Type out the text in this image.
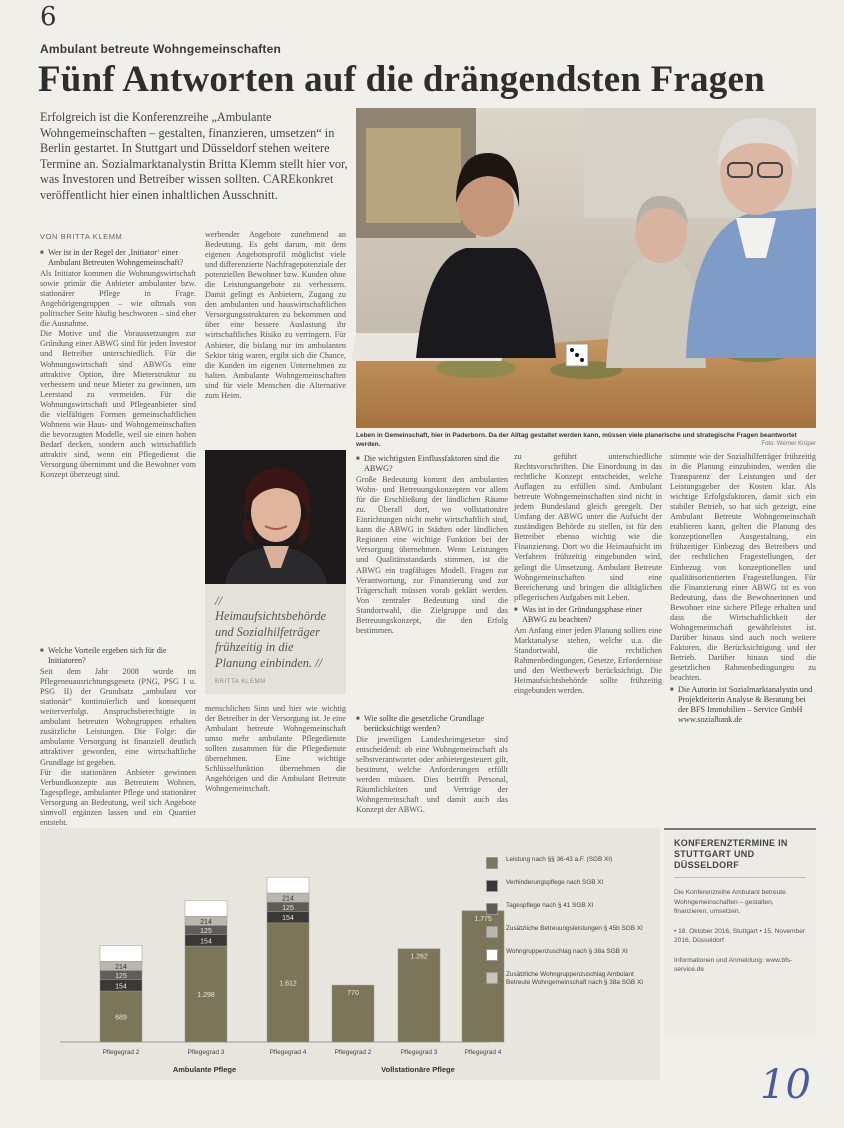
6
Ambulant betreute Wohngemeinschaften
Fünf Antworten auf die drängendsten Fragen

Erfolgreich ist die Konferenzreihe „Ambulante Wohngemeinschaften – gestalten, finanzieren, umsetzen“ in Berlin gestartet. In Stuttgart und Düsseldorf stehen weitere Termine an. Sozialmarktanalystin Britta Klemm stellt hier vor, was Investoren und Betreiber wissen sollten. CAREkonkret veröffentlicht hier einen inhaltlichen Ausschnitt.

VON BRITTA KLEMM
Leben in Gemeinschaft, hier in Paderborn. Da der Alltag gestaltet werden kann, müssen viele planerische und strategische Fragen beantwortet werden.	Foto: Werner Krüper

■ Wer ist in der Regel der ‚Initiator‘ einer Ambulant Betreuten Wohngemeinschaft?

Als Initiator kommen die Wohnungswirtschaft sowie primär die Anbieter ambulanter bzw. stationärer Pflege in Frage. Angehörigengruppen – wie oftmals von politischer Seite häufig beschworen – sind eher die Ausnahme.

Die Motive und die Voraussetzungen zur Gründung einer ABWG sind für jeden Investor und Betreiber unterschiedlich. Für die Wohnungswirtschaft sind ABWGs eine attraktive Option, ihre Mieterstruktur zu verbessern und neue Mieter zu gewinnen, um Leerstand zu vermeiden. Für die Wohnungswirtschaft und Pflegeanbieter sind die vielfältigen Formen gemeinschaftlichen Wohnens wie Haus- und Wohngemeinschaften die bevorzugten Modelle, weil sie einen hohen Bedarf decken, sondern auch wirtschaftlich attraktiv sind, wenn ein Pflegedienst die Versorgung übernimmt und die Bewohner vom Konzept überzeugt sind.

■ Welche Vorteile ergeben sich für die Initiatoren?

Seit dem Jahr 2008 wurde im Pflegeneuausrichtungsgesetz (PNG, PSG I u. PSG II) der Grundsatz „ambulant vor stationär“ kontinuierlich und konsequent weiterverfolgt. Anspruchsberechtigte in ambulant betreuten Wohngruppen erhalten zusätzliche Leistungen. Die Folge: die ambulante Versorgung ist finanziell deutlich attraktiver geworden, eine wirtschaftliche Grundlage ist gegeben.

Für die stationären Anbieter gewinnen Verbundkonzepte aus Betreutem Wohnen, Tagespflege, ambulanter Pflege und stationärer Versorgung an Bedeutung, weil sich Angebote sinnvoll ergänzen lassen und ein Quartier entsteht.

werbender Angebote zunehmend an Bedeutung. Es geht darum, mit dem eigenen Angebotsprofil möglichst viele und differenzierte Nachfragepotenziale der potenziellen Bewohner bzw. Kunden ohne die Leistungsangebote zu verbessern. Damit gelingt es Anbietern, Zugang zu den ambulanten und hauswirtschaftlichen Versorgungsstrukturen zu bekommen und über eine bessere Auslastung ihr wirtschaftliches Risiko zu verringern. Für Anbieter, die bislang nur im ambulanten Sektor tätig waren, ergibt sich die Chance, die Kunden im eigenen Unternehmen zu halten. Ambulante Wohngemeinschaften sind für viele Menschen die Alternative zum Heim.

menschlichen Sinn und hier wie wichtig der Betreiber in der Versorgung ist. Je eine Ambulant betreute Wohngemeinschaft umso mehr ambulante Pflegedienste sollten zusammen für die Pflegedienste übernehmen. Eine wichtige Schlüsselfunktion übernehmen die Angehörigen und die Ambulant Betreute Wohngemeinschaft.

■ Die wichtigsten Einflussfaktoren sind die ABWG?

Große Bedeutung kommt den ambulanten Wohn- und Betreuungskonzepten vor allem für die Erschließung der ländlichen Räume zu. Überall dort, wo vollstationäre Einrichtungen nicht mehr wirtschaftlich sind, kann die ABWG in Städten oder ländlichen Regionen eine wichtige Funktion bei der Versorgung übernehmen. Wenn Leistungen und Qualitätsstandards stimmen, ist die ABWG ein tragfähiges Modell. Fragen zur Verantwortung, zur Finanzierung und zur Trägerschaft müssen vorab geklärt werden. Von zentraler Bedeutung sind die Standortwahl, die Zielgruppe und das Betreuungskonzept, die den Erfolg bestimmen.

■ Wie sollte die gesetzliche Grundlage berücksichtigt werden?

Die jeweiligen Landesheimgesetze sind entscheidend: ob eine Wohngemeinschaft als selbstverantwortet oder anbietergesteuert gilt, bestimmt, welche Anforderungen erfüllt werden müssen. Dies betrifft Personal, Räumlichkeiten und Verträge der Wohngemeinschaft und damit auch das Konzept der ABWG.

zu geführt unterschiedliche Rechtsvorschriften. Die Einordnung in das rechtliche Konzept entscheidet, welche Auflagen zu erfüllen sind. Ambulant betreute Wohngemeinschaften sind nicht in jedem Bundesland gleich geregelt. Der Umfang der ABWG unter die Aufsicht der zuständigen Behörde zu stellen, ist für den Betreiber ebenso wichtig wie die Finanzierung. Dort wo die Heimaufsicht im Verfahren frühzeitig eingebunden wird, gelingt die Umsetzung. Ambulant Betreute Wohngemeinschaften sind eine Bereicherung und bringen die alltäglichen pflegerischen Aufgaben mit Leben.

■ Was ist in der Gründungsphase einer ABWG zu beachten?

Am Anfang einer jeden Planung sollten eine Marktanalyse stehen, welche u.a. die Standortwahl, die rechtlichen Rahmenbedingungen, Gesetze, Erfordernisse und den Wettbewerb berücksichtigt. Die Heimaufsichtsbehörde sollte frühzeitig eingebunden werden.

stimmte wie der Sozialhilfeträger frühzeitig in die Planung einzubinden, werden die Transparenz der Leistungen und der Leistungsgeber der Kosten klar. Als wichtige Erfolgsfaktoren, damit sich ein stabiler Betrieb, so hat sich gezeigt, eine Ambulant Betreute Wohngemeinschaft etablieren kann, gelten die Planung des konzeptionellen Ausgestaltung, ein frühzeitiger Einbezug des Betreibers und der rechtlichen Fragestellungen, der Einbezug von konzeptionellen und qualitätsorientierten Fragestellungen. Für die Finanzierung einer ABWG ist es von Bedeutung, dass die Bewohnerinnen und Bewohner eine sichere Pflege erhalten und dass die Wirtschaftlichkeit der Wohngemeinschaft gewährleistet ist. Darüber hinaus sind auch noch weitere Faktoren, die Berücksichtigung und der Betrieb. Darüber hinaus sind die gesetzlichen Rahmenbedingungen zu beachten.

■ Die Autorin ist Sozialmarktanalystin und Projektleiterin Analyse & Beratung bei der BFS Immobilien – Service GmbH www.sozialbank.de

// Heimaufsichtsbehörde und Sozialhilfeträger frühzeitig in die Planung einbinden. //
BRITTA KLEMM
689
154
125
214
Pflegegrad 2
1.298
154
125
214
Pflegegrad 3
1.612
154
125
214
Pflegegrad 4
770
Pflegegrad 2
1.262
Pflegegrad 3
1.775
Pflegegrad 4
Ambulante Pflege	Vollstationäre Pflege
Leistung nach §§ 36-43 a.F. (SGB XI)
Verhinderungspflege nach SGB XI
Tagespflege nach § 41 SGB XI
Zusätzliche Betreuungsleistungen § 45b SGB XI
Wohngruppenzuschlag nach § 38a SGB XI
Zusätzliche Wohngruppenzuschlag Ambulant Betreute Wohngemeinschaft nach § 38a SGB XI
KONFERENZTERMINE IN STUTTGART UND DÜSSELDORF
Die Konferenzreihe Ambulant betreute Wohngemeinschaften – gestalten, finanzieren, umsetzen.
• 18. Oktober 2016, Stuttgart • 15. November 2016, Düsseldorf
Informationen und Anmeldung: www.bfs-service.de
10
